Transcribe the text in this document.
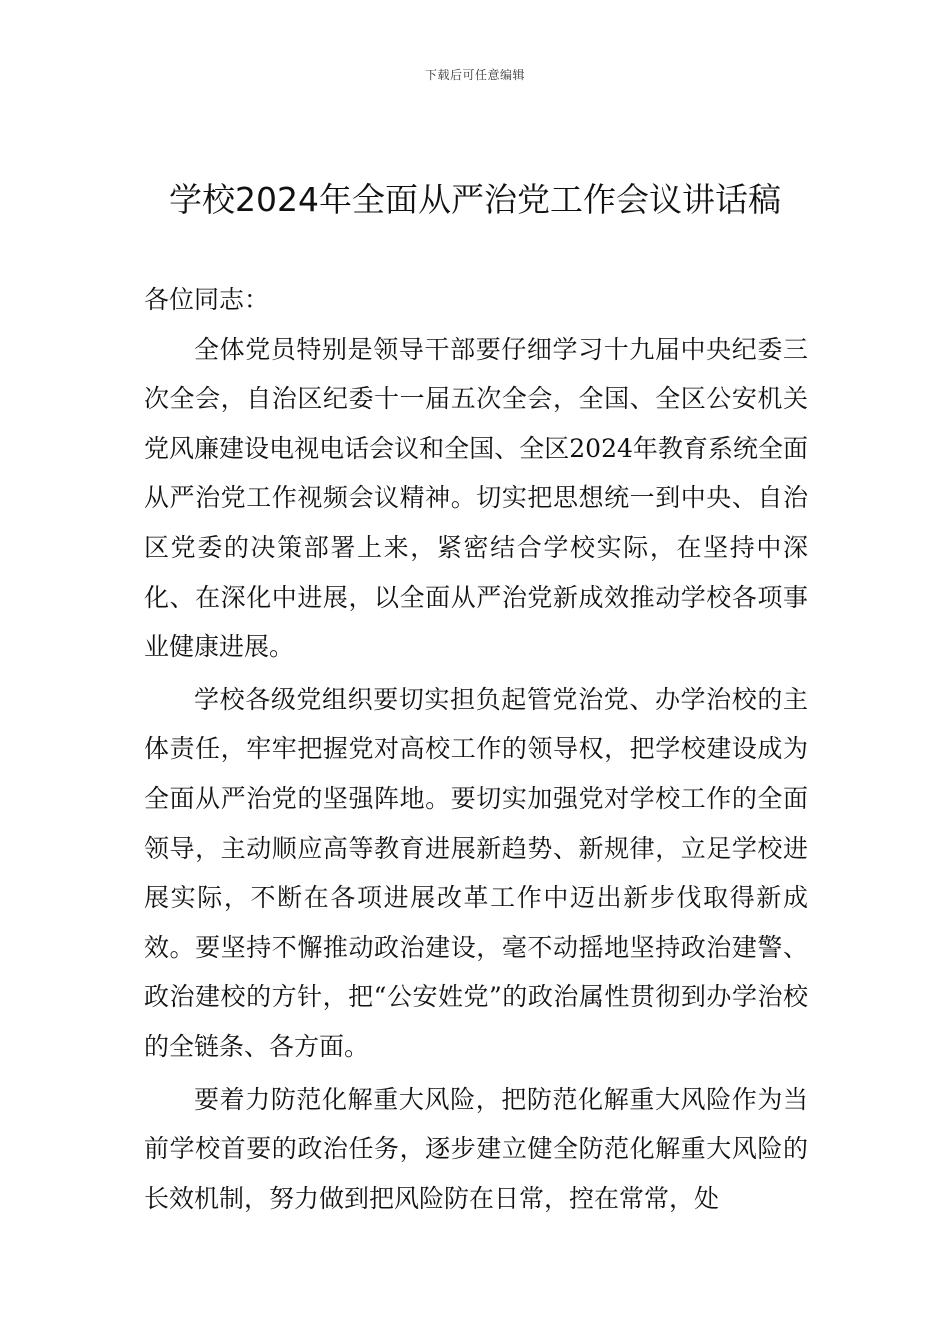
下载后可任意编辑
学校2024年全面从严治党工作会议讲话稿

各位同志：

全体党员特别是领导干部要仔细学习十九届中央纪委三次全会，自治区纪委十一届五次全会，全国、全区公安机关党风廉建设电视电话会议和全国、全区2024年教育系统全面从严治党工作视频会议精神。切实把思想统一到中央、自治区党委的决策部署上来，紧密结合学校实际，在坚持中深化、在深化中进展，以全面从严治党新成效推动学校各项事业健康进展。

学校各级党组织要切实担负起管党治党、办学治校的主体责任，牢牢把握党对高校工作的领导权，把学校建设成为全面从严治党的坚强阵地。要切实加强党对学校工作的全面领导，主动顺应高等教育进展新趋势、新规律，立足学校进展实际，不断在各项进展改革工作中迈出新步伐取得新成效。要坚持不懈推动政治建设，毫不动摇地坚持政治建警、政治建校的方针，把“公安姓党”的政治属性贯彻到办学治校的全链条、各方面。

要着力防范化解重大风险，把防范化解重大风险作为当前学校首要的政治任务，逐步建立健全防范化解重大风险的长效机制，努力做到把风险防在日常，控在常常，处
